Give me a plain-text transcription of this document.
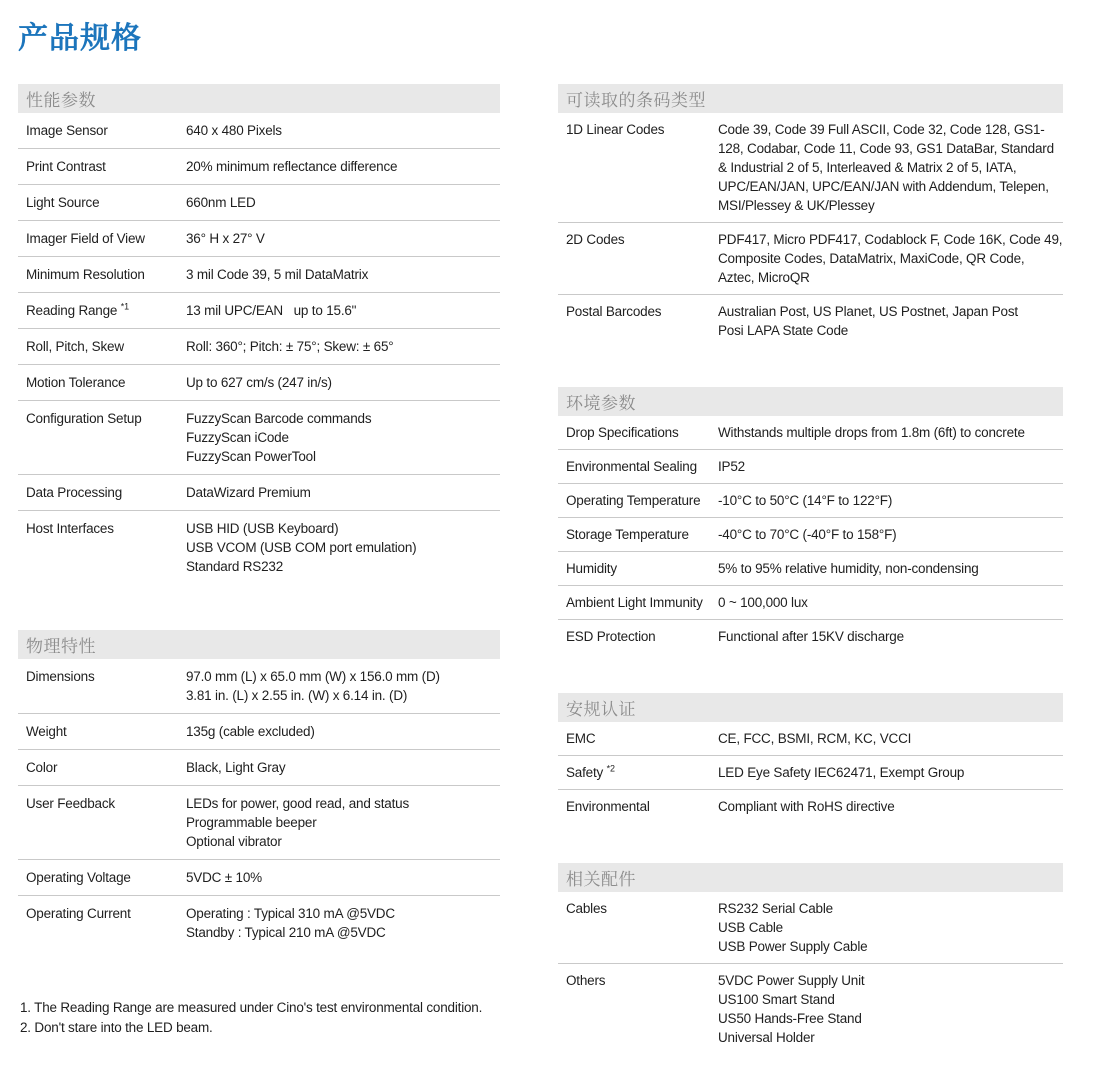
产品规格
性能参数
Image Sensor	640 x 480 Pixels
Print Contrast	20% minimum reflectance difference
Light Source	660nm LED
Imager Field of View	36° H x 27° V
Minimum Resolution	3 mil Code 39, 5 mil DataMatrix
Reading Range $^{*1}$	13 mil UPC/EAN   up to 15.6"
Roll, Pitch, Skew	Roll: 360°; Pitch: ± 75°; Skew: ± 65°
Motion Tolerance	Up to 627 cm/s (247 in/s)
Configuration Setup	FuzzyScan Barcode commands
FuzzyScan iCode
FuzzyScan PowerTool
Data Processing	DataWizard Premium
Host Interfaces	USB HID (USB Keyboard)
USB VCOM (USB COM port emulation)
Standard RS232
物理特性
Dimensions	97.0 mm (L) x 65.0 mm (W) x 156.0 mm (D)
3.81 in. (L) x 2.55 in. (W) x 6.14 in. (D)
Weight	135g (cable excluded)
Color	Black, Light Gray
User Feedback	LEDs for power, good read, and status
Programmable beeper
Optional vibrator
Operating Voltage	5VDC ± 10%
Operating Current	Operating : Typical 310 mA @5VDC
Standby : Typical 210 mA @5VDC
1. The Reading Range are measured under Cino's test environmental condition.
2. Don't stare into the LED beam.
可读取的条码类型
1D Linear Codes	Code 39, Code 39 Full ASCII, Code 32, Code 128, GS1-128, Codabar, Code 11, Code 93, GS1 DataBar, Standard & Industrial 2 of 5, Interleaved & Matrix 2 of 5, IATA, UPC/EAN/JAN, UPC/EAN/JAN with Addendum, Telepen, MSI/Plessey & UK/Plessey
2D Codes	PDF417, Micro PDF417, Codablock F, Code 16K, Code 49, Composite Codes, DataMatrix, MaxiCode, QR Code, Aztec, MicroQR
Postal Barcodes	Australian Post, US Planet, US Postnet, Japan Post
Posi LAPA State Code
环境参数
Drop Specifications	Withstands multiple drops from 1.8m (6ft) to concrete
Environmental Sealing	IP52
Operating Temperature	-10°C to 50°C (14°F to 122°F)
Storage Temperature	-40°C to 70°C (-40°F to 158°F)
Humidity	5% to 95% relative humidity, non-condensing
Ambient Light Immunity	0 ~ 100,000 lux
ESD Protection	Functional after 15KV discharge
安规认证
EMC	CE, FCC, BSMI, RCM, KC, VCCI
Safety $^{*2}$	LED Eye Safety IEC62471, Exempt Group
Environmental	Compliant with RoHS directive
相关配件
Cables	RS232 Serial Cable
USB Cable
USB Power Supply Cable
Others	5VDC Power Supply Unit
US100 Smart Stand
US50 Hands-Free Stand
Universal Holder
